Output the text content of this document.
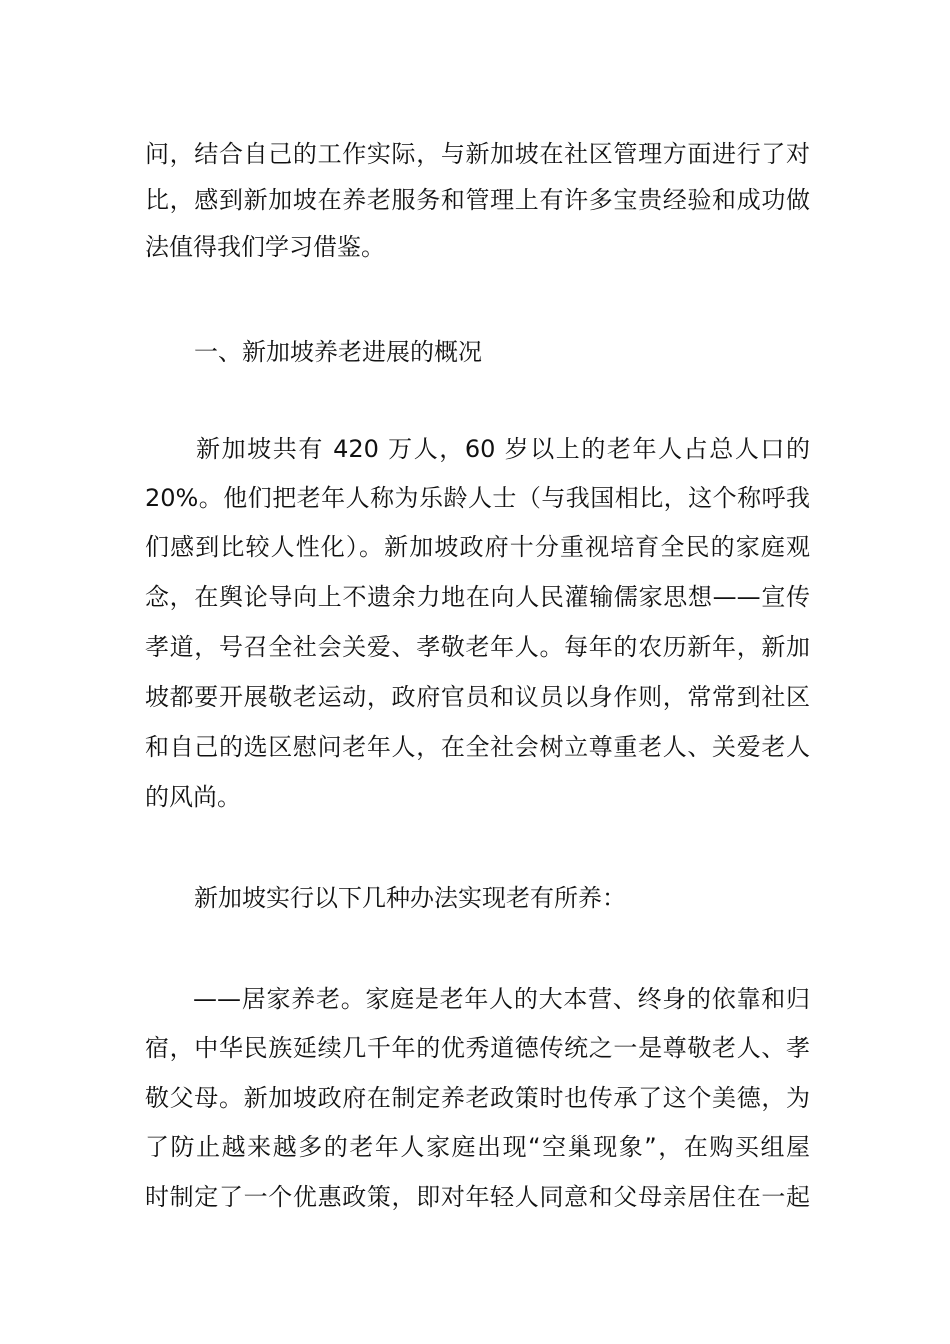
问，结合自己的工作实际，与新加坡在社区管理方面进行了对
比，感到新加坡在养老服务和管理上有许多宝贵经验和成功做
法值得我们学习借鉴。
一、新加坡养老进展的概况
新加坡共有 420 万人，60 岁以上的老年人占总人口的
20%。他们把老年人称为乐龄人士（与我国相比，这个称呼我
们感到比较人性化）。新加坡政府十分重视培育全民的家庭观
念，在舆论导向上不遗余力地在向人民灌输儒家思想——宣传
孝道，号召全社会关爱、孝敬老年人。每年的农历新年，新加
坡都要开展敬老运动，政府官员和议员以身作则，常常到社区
和自己的选区慰问老年人，在全社会树立尊重老人、关爱老人
的风尚。
新加坡实行以下几种办法实现老有所养：
——居家养老。家庭是老年人的大本营、终身的依靠和归
宿，中华民族延续几千年的优秀道德传统之一是尊敬老人、孝
敬父母。新加坡政府在制定养老政策时也传承了这个美德，为
了防止越来越多的老年人家庭出现“空巢现象”，在购买组屋
时制定了一个优惠政策，即对年轻人同意和父母亲居住在一起
